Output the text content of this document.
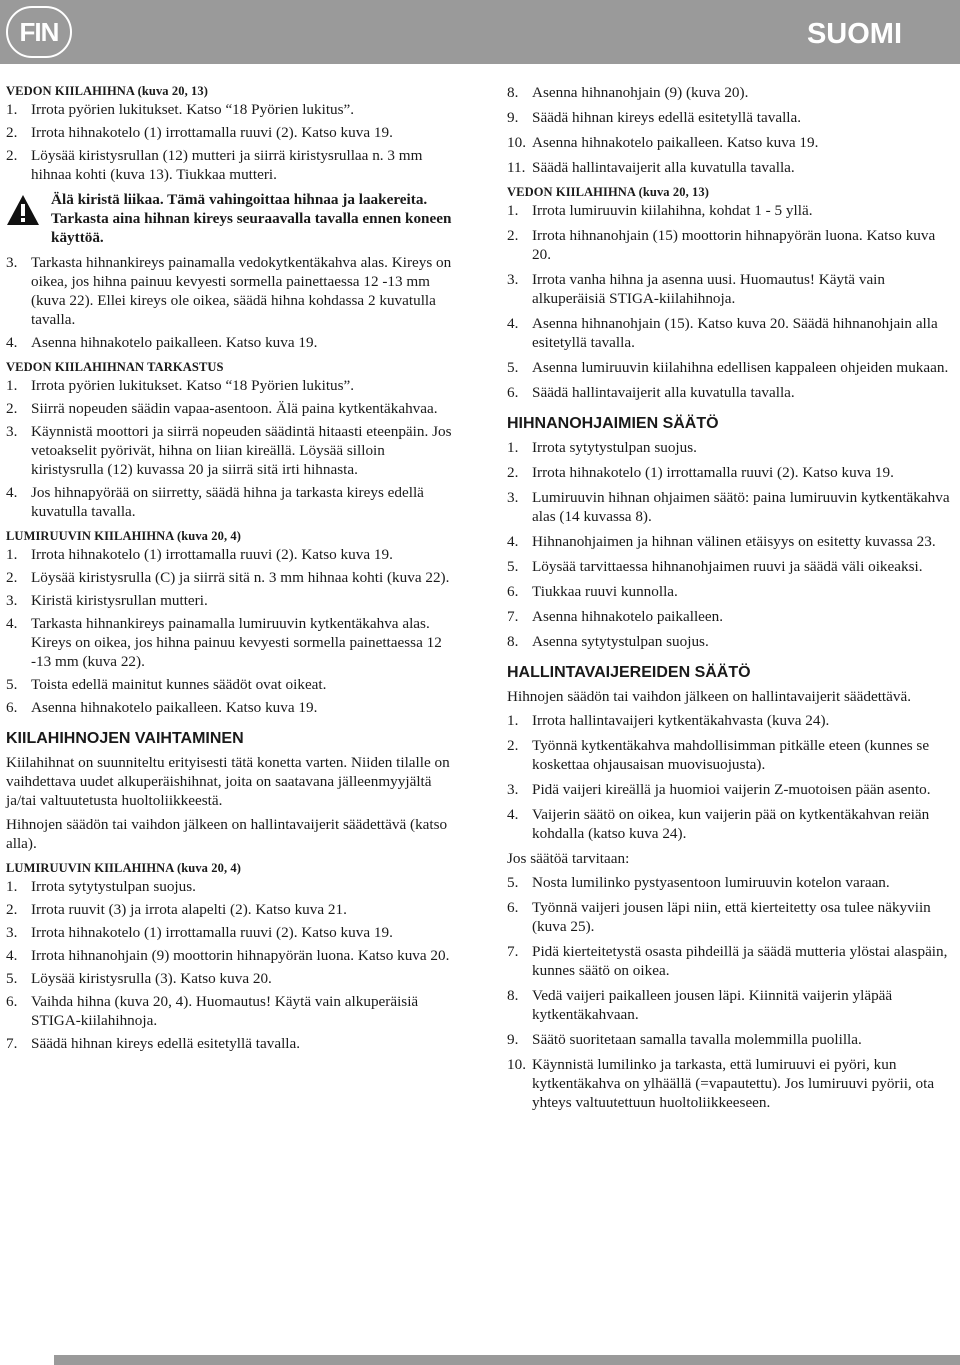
FIN	SUOMI
VEDON KIILAHIHNA (kuva 20, 13)
1. Irrota pyörien lukitukset. Katso “18 Pyörien lukitus”.
2. Irrota hihnakotelo (1) irrottamalla ruuvi (2). Katso kuva 19.
2. Löysää kiristysrullan (12) mutteri ja siirrä kiristysrullaa n. 3 mm hihnaa kohti (kuva 13). Tiukkaa mutteri.
Älä kiristä liikaa. Tämä vahingoittaa hihnaa ja laakereita. Tarkasta aina hihnan kireys seuraavalla tavalla ennen koneen käyttöä.
3. Tarkasta hihnankireys painamalla vedokytkentäkahva alas. Kireys on oikea, jos hihna painuu kevyesti sormella painettaessa 12 -13 mm (kuva 22). Ellei kireys ole oikea, säädä hihna kohdassa 2 kuvatulla tavalla.
4. Asenna hihnakotelo paikalleen. Katso kuva 19.
VEDON KIILAHIHNAN TARKASTUS
1. Irrota pyörien lukitukset. Katso “18 Pyörien lukitus”.
2. Siirrä nopeuden säädin vapaa-asentoon. Älä paina kytkentäkahvaa.
3. Käynnistä moottori ja siirrä nopeuden säädintä hitaasti eteenpäin. Jos vetoakselit pyörivät, hihna on liian kireällä. Löysää silloin kiristysrulla (12) kuvassa 20 ja siirrä sitä irti hihnasta.
4. Jos hihnapyörää on siirretty, säädä hihna ja tarkasta kireys edellä kuvatulla tavalla.
LUMIRUUVIN KIILAHIHNA (kuva 20, 4)
1. Irrota hihnakotelo (1) irrottamalla ruuvi (2). Katso kuva 19.
2. Löysää kiristysrulla (C) ja siirrä sitä n. 3 mm hihnaa kohti (kuva 22).
3. Kiristä kiristysrullan mutteri.
4. Tarkasta hihnankireys painamalla lumiruuvin kytkentäkahva alas. Kireys on oikea, jos hihna painuu kevyesti sormella painettaessa 12 -13 mm (kuva 22).
5. Toista edellä mainitut kunnes säädöt ovat oikeat.
6. Asenna hihnakotelo paikalleen. Katso kuva 19.
KIILAHIHNOJEN VAIHTAMINEN
Kiilahihnat on suunniteltu erityisesti tätä konetta varten. Niiden tilalle on vaihdettava uudet alkuperäishihnat, joita on saatavana jälleenmyyjältä ja/tai valtuutetusta huoltoliikkeestä.
Hihnojen säädön tai vaihdon jälkeen on hallintavaijerit säädettävä (katso alla).
LUMIRUUVIN KIILAHIHNA (kuva 20, 4)
1. Irrota sytytystulpan suojus.
2. Irrota ruuvit (3) ja irrota alapelti (2). Katso kuva 21.
3. Irrota hihnakotelo (1) irrottamalla ruuvi (2). Katso kuva 19.
4. Irrota hihnanohjain (9) moottorin hihnapyörän luona. Katso kuva 20.
5. Löysää kiristysrulla (3). Katso kuva 20.
6. Vaihda hihna (kuva 20, 4). Huomautus! Käytä vain alkuperäisiä STIGA-kiilahihnoja.
7. Säädä hihnan kireys edellä esitetyllä tavalla.
8. Asenna hihnanohjain (9) (kuva 20).
9. Säädä hihnan kireys edellä esitetyllä tavalla.
10. Asenna hihnakotelo paikalleen. Katso kuva 19.
11. Säädä hallintavaijerit alla kuvatulla tavalla.
VEDON KIILAHIHNA (kuva 20, 13)
1. Irrota lumiruuvin kiilahihna, kohdat 1 - 5 yllä.
2. Irrota hihnanohjain (15) moottorin hihnapyörän luona. Katso kuva 20.
3. Irrota vanha hihna ja asenna uusi. Huomautus! Käytä vain alkuperäisiä STIGA-kiilahihnoja.
4. Asenna hihnanohjain (15). Katso kuva 20. Säädä hihnanohjain alla esitetyllä tavalla.
5. Asenna lumiruuvin kiilahihna edellisen kappaleen ohjeiden mukaan.
6. Säädä hallintavaijerit alla kuvatulla tavalla.
HIHNANOHJAIMIEN SÄÄTÖ
1. Irrota sytytystulpan suojus.
2. Irrota hihnakotelo (1) irrottamalla ruuvi (2). Katso kuva 19.
3. Lumiruuvin hihnan ohjaimen säätö: paina lumiruuvin kytkentäkahva alas (14 kuvassa 8).
4. Hihnanohjaimen ja hihnan välinen etäisyys on esitetty kuvassa 23.
5. Löysää tarvittaessa hihnanohjaimen ruuvi ja säädä väli oikeaksi.
6. Tiukkaa ruuvi kunnolla.
7. Asenna hihnakotelo paikalleen.
8. Asenna sytytystulpan suojus.
HALLINTAVAIJEREIDEN SÄÄTÖ
Hihnojen säädön tai vaihdon jälkeen on hallintavaijerit säädettävä.
1. Irrota hallintavaijeri kytkentäkahvasta (kuva 24).
2. Työnnä kytkentäkahva mahdollisimman pitkälle eteen (kunnes se koskettaa ohjausaisan muovisuojusta).
3. Pidä vaijeri kireällä ja huomioi vaijerin Z-muotoisen pään asento.
4. Vaijerin säätö on oikea, kun vaijerin pää on kytkentäkahvan reiän kohdalla (katso kuva 24).
Jos säätöä tarvitaan:
5. Nosta lumilinko pystyasentoon lumiruuvin kotelon varaan.
6. Työnnä vaijeri jousen läpi niin, että kierteitetty osa tulee näkyviin (kuva 25).
7. Pidä kierteitetystä osasta pihdeillä ja säädä mutteria ylöstai alaspäin, kunnes säätö on oikea.
8. Vedä vaijeri paikalleen jousen läpi. Kiinnitä vaijerin yläpää kytkentäkahvaan.
9. Säätö suoritetaan samalla tavalla molemmilla puolilla.
10. Käynnistä lumilinko ja tarkasta, että lumiruuvi ei pyöri, kun kytkentäkahva on ylhäällä (=vapautettu). Jos lumiruuvi pyörii, ota yhteys valtuutettuun huoltoliikkeeseen.
